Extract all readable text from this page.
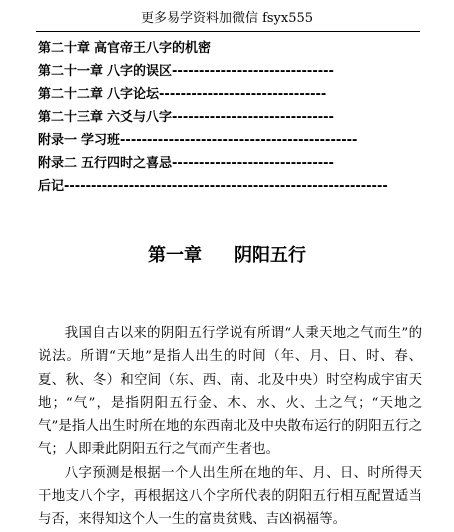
更多易学资料加微信 fsyx555
第二十章 高官帝王八字的机密
第二十一章 八字的误区------------------------------
第二十二章 八字论坛-------------------------------
第二十三章 六爻与八字------------------------------
附录一 学习班--------------------------------------------
附录二 五行四时之喜忌------------------------------
后记------------------------------------------------------------
第一章 阴阳五行

我国自古以来的阴阳五行学说有所谓“人秉天地之气而生”的说法。所谓“天地”是指人出生的时间（年、月、日、时、春、夏、秋、冬）和空间（东、西、南、北及中央）时空构成宇宙天地；“气”，是指阴阳五行金、木、水、火、土之气；“天地之气”是指人出生时所在地的东西南北及中央散布运行的阴阳五行之气；人即秉此阴阳五行之气而产生者也。

八字预测是根据一个人出生所在地的年、月、日、时所得天干地支八个字，再根据这八个字所代表的阴阳五行相互配置适当与否，来得知这个人一生的富贵贫贱、吉凶祸福等。
